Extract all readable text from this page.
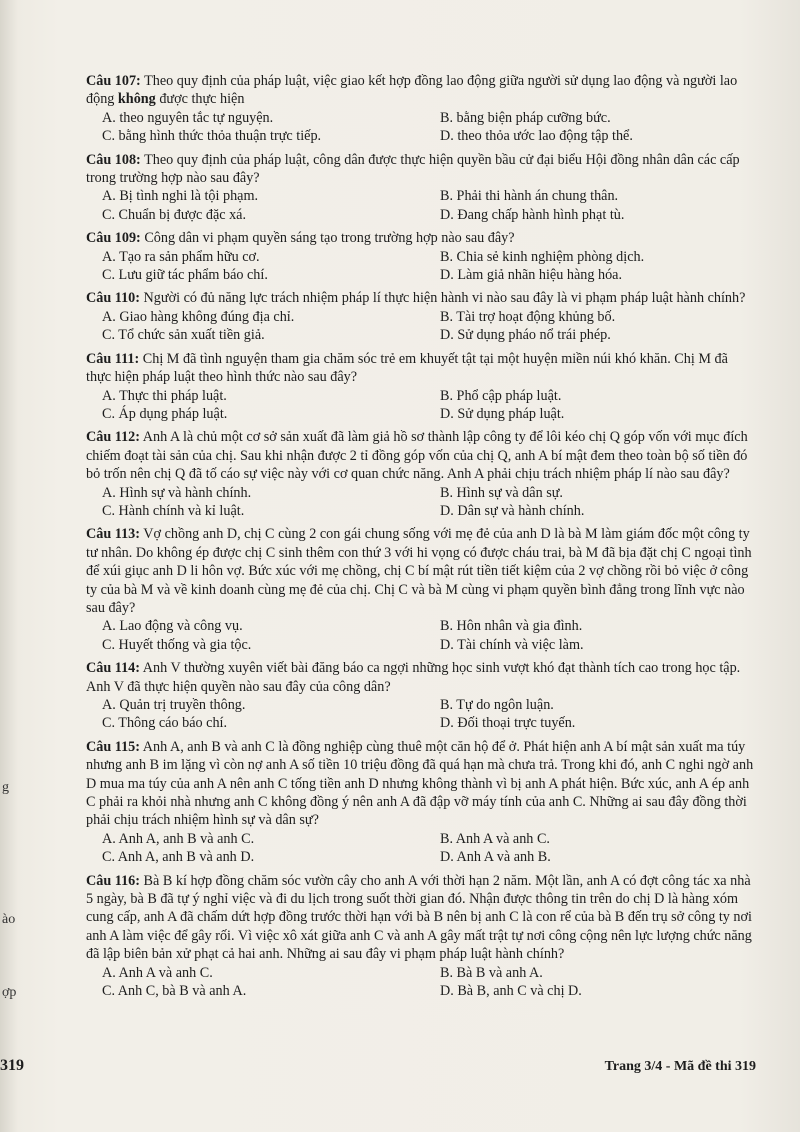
g
ào
ợp
319
Câu 107: Theo quy định của pháp luật, việc giao kết hợp đồng lao động giữa người sử dụng lao động và người lao động không được thực hiện
A. theo nguyên tắc tự nguyện.	B. bằng biện pháp cưỡng bức.
C. bằng hình thức thỏa thuận trực tiếp.	D. theo thỏa ước lao động tập thể.
Câu 108: Theo quy định của pháp luật, công dân được thực hiện quyền bầu cử đại biểu Hội đồng nhân dân các cấp trong trường hợp nào sau đây?
A. Bị tình nghi là tội phạm.	B. Phải thi hành án chung thân.
C. Chuẩn bị được đặc xá.	D. Đang chấp hành hình phạt tù.
Câu 109: Công dân vi phạm quyền sáng tạo trong trường hợp nào sau đây?
A. Tạo ra sản phẩm hữu cơ.	B. Chia sẻ kinh nghiệm phòng dịch.
C. Lưu giữ tác phẩm báo chí.	D. Làm giả nhãn hiệu hàng hóa.
Câu 110: Người có đủ năng lực trách nhiệm pháp lí thực hiện hành vi nào sau đây là vi phạm pháp luật hành chính?
A. Giao hàng không đúng địa chỉ.	B. Tài trợ hoạt động khủng bố.
C. Tổ chức sản xuất tiền giả.	D. Sử dụng pháo nổ trái phép.
Câu 111: Chị M đã tình nguyện tham gia chăm sóc trẻ em khuyết tật tại một huyện miền núi khó khăn. Chị M đã thực hiện pháp luật theo hình thức nào sau đây?
A. Thực thi pháp luật.	B. Phổ cập pháp luật.
C. Áp dụng pháp luật.	D. Sử dụng pháp luật.
Câu 112: Anh A là chủ một cơ sở sản xuất đã làm giả hồ sơ thành lập công ty để lôi kéo chị Q góp vốn với mục đích chiếm đoạt tài sản của chị. Sau khi nhận được 2 tỉ đồng góp vốn của chị Q, anh A bí mật đem theo toàn bộ số tiền đó bỏ trốn nên chị Q đã tố cáo sự việc này với cơ quan chức năng. Anh A phải chịu trách nhiệm pháp lí nào sau đây?
A. Hình sự và hành chính.	B. Hình sự và dân sự.
C. Hành chính và kỉ luật.	D. Dân sự và hành chính.
Câu 113: Vợ chồng anh D, chị C cùng 2 con gái chung sống với mẹ đẻ của anh D là bà M làm giám đốc một công ty tư nhân. Do không ép được chị C sinh thêm con thứ 3 với hi vọng có được cháu trai, bà M đã bịa đặt chị C ngoại tình để xúi giục anh D li hôn vợ. Bức xúc với mẹ chồng, chị C bí mật rút tiền tiết kiệm của 2 vợ chồng rồi bỏ việc ở công ty của bà M và về kinh doanh cùng mẹ đẻ của chị. Chị C và bà M cùng vi phạm quyền bình đẳng trong lĩnh vực nào sau đây?
A. Lao động và công vụ.	B. Hôn nhân và gia đình.
C. Huyết thống và gia tộc.	D. Tài chính và việc làm.
Câu 114: Anh V thường xuyên viết bài đăng báo ca ngợi những học sinh vượt khó đạt thành tích cao trong học tập. Anh V đã thực hiện quyền nào sau đây của công dân?
A. Quản trị truyền thông.	B. Tự do ngôn luận.
C. Thông cáo báo chí.	D. Đối thoại trực tuyến.
Câu 115: Anh A, anh B và anh C là đồng nghiệp cùng thuê một căn hộ để ở. Phát hiện anh A bí mật sản xuất ma túy nhưng anh B im lặng vì còn nợ anh A số tiền 10 triệu đồng đã quá hạn mà chưa trả. Trong khi đó, anh C nghi ngờ anh D mua ma túy của anh A nên anh C tống tiền anh D nhưng không thành vì bị anh A phát hiện. Bức xúc, anh A ép anh C phải ra khỏi nhà nhưng anh C không đồng ý nên anh A đã đập vỡ máy tính của anh C. Những ai sau đây đồng thời phải chịu trách nhiệm hình sự và dân sự?
A. Anh A, anh B và anh C.	B. Anh A và anh C.
C. Anh A, anh B và anh D.	D. Anh A và anh B.
Câu 116: Bà B kí hợp đồng chăm sóc vườn cây cho anh A với thời hạn 2 năm. Một lần, anh A có đợt công tác xa nhà 5 ngày, bà B đã tự ý nghỉ việc và đi du lịch trong suốt thời gian đó. Nhận được thông tin trên do chị D là hàng xóm cung cấp, anh A đã chấm dứt hợp đồng trước thời hạn với bà B nên bị anh C là con rể của bà B đến trụ sở công ty nơi anh A làm việc để gây rối. Vì việc xô xát giữa anh C và anh A gây mất trật tự nơi công cộng nên lực lượng chức năng đã lập biên bản xử phạt cả hai anh. Những ai sau đây vi phạm pháp luật hành chính?
A. Anh A và anh C.	B. Bà B và anh A.
C. Anh C, bà B và anh A.	D. Bà B, anh C và chị D.
Trang 3/4 - Mã đề thi 319
